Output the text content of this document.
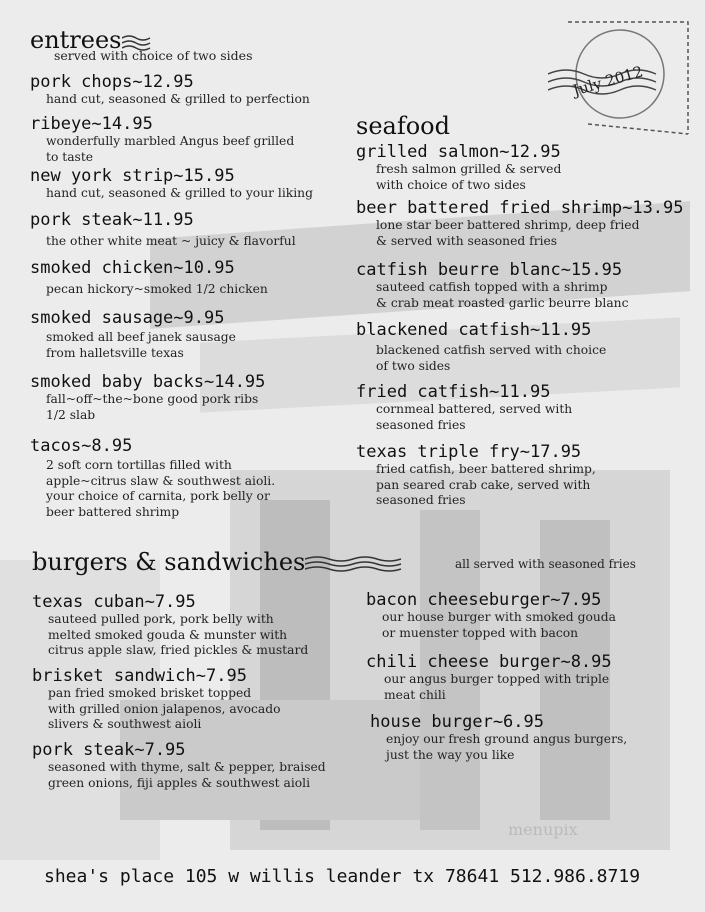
July 2012
entrees
served with choice of two sides
pork chops~12.95
hand cut, seasoned & grilled to perfection
ribeye~14.95
wonderfully marbled Angus beef grilled
to taste
new york strip~15.95
hand cut, seasoned & grilled to your liking
pork steak~11.95
the other white meat ~ juicy & flavorful
smoked chicken~10.95
pecan hickory~smoked 1/2 chicken
smoked sausage~9.95
smoked all beef janek sausage
from halletsville texas
smoked baby backs~14.95
fall~off~the~bone good pork ribs
1/2 slab
tacos~8.95
2 soft corn tortillas filled with
apple~citrus slaw & southwest aioli.
your choice of carnita, pork belly or
beer battered shrimp
seafood
grilled salmon~12.95
fresh salmon grilled & served
with choice of two sides
beer battered fried shrimp~13.95
lone star beer battered shrimp, deep fried
& served with seasoned fries
catfish beurre blanc~15.95
sauteed catfish topped with a shrimp
& crab meat roasted garlic beurre blanc
blackened catfish~11.95
blackened catfish served with choice
of two sides
fried catfish~11.95
cornmeal battered, served with
seasoned fries
texas triple fry~17.95
fried catfish, beer battered shrimp,
pan seared crab cake, served with
seasoned fries
burgers & sandwiches	all served with seasoned fries
texas cuban~7.95
sauteed pulled pork, pork belly with
melted smoked gouda & munster with
citrus apple slaw, fried pickles & mustard
brisket sandwich~7.95
pan fried smoked brisket topped
with grilled onion jalapenos, avocado
slivers & southwest aioli
pork steak~7.95
seasoned with thyme, salt & pepper, braised
green onions, fiji apples & southwest aioli
bacon cheeseburger~7.95
our house burger with smoked gouda
or muenster topped with bacon
chili cheese burger~8.95
our angus burger topped with triple
meat chili
house burger~6.95
enjoy our fresh ground angus burgers,
just the way you like
menupix
shea's place 105 w willis leander tx 78641 512.986.8719
